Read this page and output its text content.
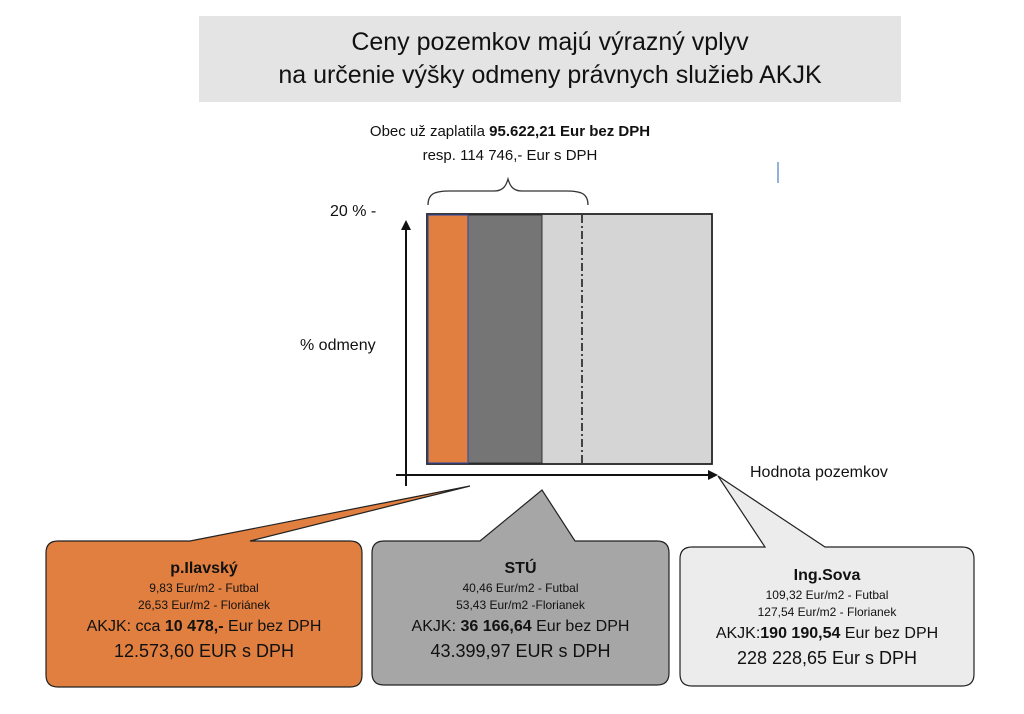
Ceny pozemkov majú výrazný vplyv
na určenie výšky odmeny právnych služieb AKJK
Obec už zaplatila 95.622,21 Eur bez DPH
resp. 114 746,- Eur s DPH
20 % -
% odmeny
Hodnota pozemkov
p.Ilavský
9,83 Eur/m2 - Futbal
26,53 Eur/m2 - Floriánek
AKJK: cca 10 478,- Eur bez DPH
12.573,60 EUR s DPH
STÚ
40,46 Eur/m2 - Futbal
53,43 Eur/m2 -Florianek
AKJK: 36 166,64 Eur bez DPH
43.399,97 EUR s DPH
Ing.Sova
109,32 Eur/m2 - Futbal
127,54 Eur/m2 - Florianek
AKJK:190 190,54 Eur bez DPH
228 228,65 Eur s DPH
